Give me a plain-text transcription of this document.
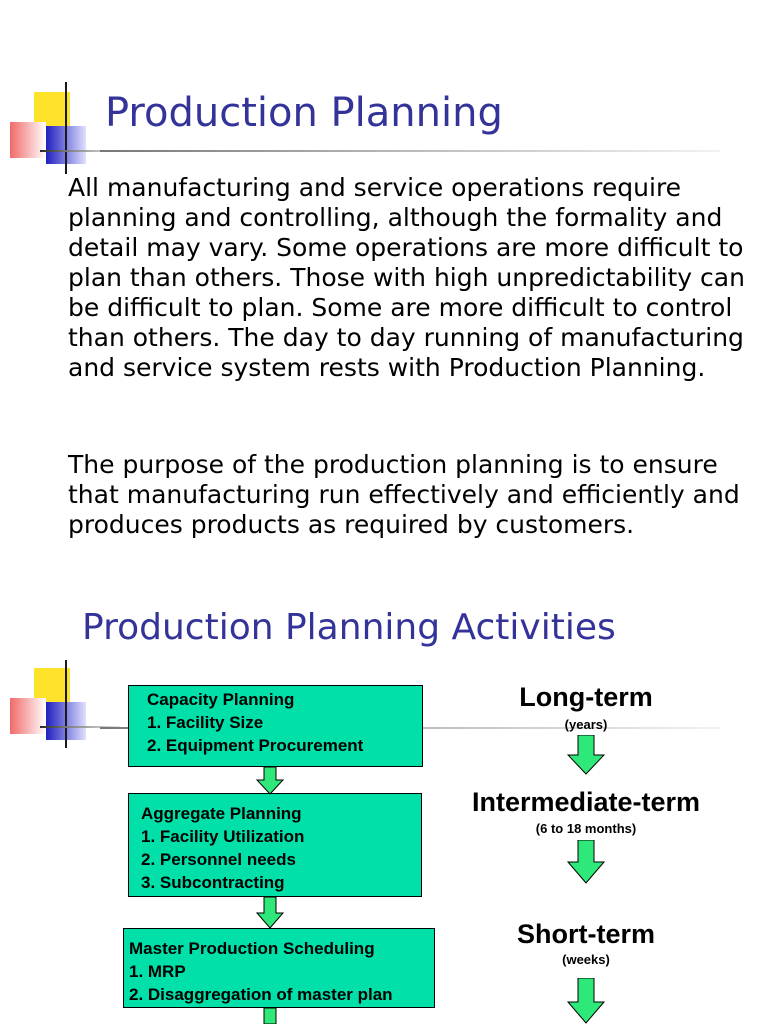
Production Planning
All manufacturing and service operations require planning and controlling, although the formality and detail may vary. Some operations are more difficult to plan than others. Those with high unpredictability can be difficult to plan. Some are more difficult to control than others. The day to day running of manufacturing and service system rests with Production Planning.
The purpose of the production planning is to ensure that manufacturing run effectively and efficiently and produces products as required by customers.
Production Planning Activities
Capacity Planning
1. Facility Size
2. Equipment Procurement
Aggregate Planning
1. Facility Utilization
2. Personnel needs
3. Subcontracting
Master Production Scheduling
1. MRP
2. Disaggregation of master plan
Long-term
(years)
Intermediate-term
(6 to 18 months)
Short-term
(weeks)
